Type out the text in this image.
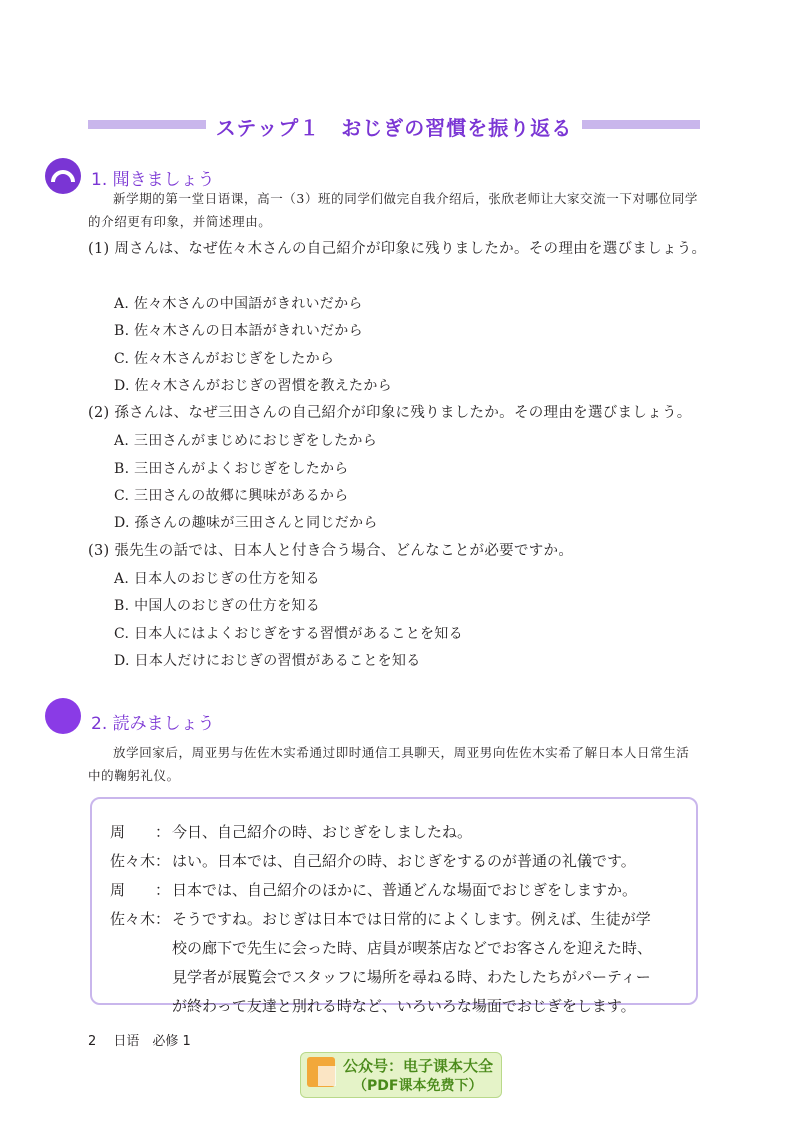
ステップ１　おじぎの習慣を振り返る
1. 聞きましょう
新学期的第一堂日语课，高一（3）班的同学们做完自我介绍后，张欣老师让大家交流一下对哪位同学的介绍更有印象，并简述理由。
(1) 周さんは、なぜ佐々木さんの自己紹介が印象に残りましたか。その理由を選びましょう。
A. 佐々木さんの中国語がきれいだから
B. 佐々木さんの日本語がきれいだから
C. 佐々木さんがおじぎをしたから
D. 佐々木さんがおじぎの習慣を教えたから
(2) 孫さんは、なぜ三田さんの自己紹介が印象に残りましたか。その理由を選びましょう。
A. 三田さんがまじめにおじぎをしたから
B. 三田さんがよくおじぎをしたから
C. 三田さんの故郷に興味があるから
D. 孫さんの趣味が三田さんと同じだから
(3) 張先生の話では、日本人と付き合う場合、どんなことが必要ですか。
A. 日本人のおじぎの仕方を知る
B. 中国人のおじぎの仕方を知る
C. 日本人にはよくおじぎをする習慣があることを知る
D. 日本人だけにおじぎの習慣があることを知る
2. 読みましょう
放学回家后，周亚男与佐佐木实希通过即时通信工具聊天，周亚男向佐佐木实希了解日本人日常生活中的鞠躬礼仪。
周　　： 今日、自己紹介の時、おじぎをしましたね。
佐々木： はい。日本では、自己紹介の時、おじぎをするのが普通の礼儀です。
周　　： 日本では、自己紹介のほかに、普通どんな場面でおじぎをしますか。
佐々木： そうですね。おじぎは日本では日常的によくします。例えば、生徒が学
校の廊下で先生に会った時、店員が喫茶店などでお客さんを迎えた時、
見学者が展覧会でスタッフに場所を尋ねる時、わたしたちがパーティー
が終わって友達と別れる時など、いろいろな場面でおじぎをします。
2　 日语　必修 1
公众号：电子课本大全
（PDF课本免费下）
